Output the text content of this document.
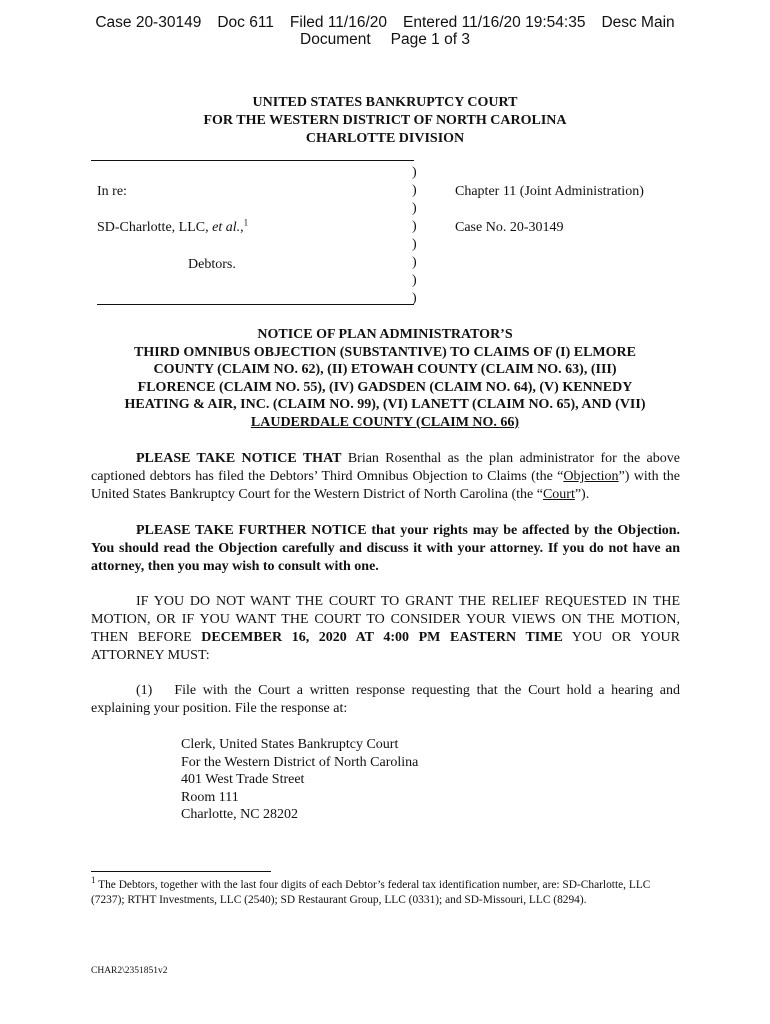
Case 20-30149 Doc 611 Filed 11/16/20 Entered 11/16/20 19:54:35 Desc Main
Document Page 1 of 3
UNITED STATES BANKRUPTCY COURT
FOR THE WESTERN DISTRICT OF NORTH CAROLINA
CHARLOTTE DIVISION
)
)
)
)
)
)
)
)
In re:
SD-Charlotte, LLC, et al.,$^1$
Debtors.
Chapter 11 (Joint Administration)
Case No. 20-30149
NOTICE OF PLAN ADMINISTRATOR’S
THIRD OMNIBUS OBJECTION (SUBSTANTIVE) TO CLAIMS OF (I) ELMORE
COUNTY (CLAIM NO. 62), (II) ETOWAH COUNTY (CLAIM NO. 63), (III)
FLORENCE (CLAIM NO. 55), (IV) GADSDEN (CLAIM NO. 64), (V) KENNEDY
HEATING & AIR, INC. (CLAIM NO. 99), (VI) LANETT (CLAIM NO. 65), AND (VII)
LAUDERDALE COUNTY (CLAIM NO. 66)
PLEASE TAKE NOTICE THAT Brian Rosenthal as the plan administrator for the above captioned debtors has filed the Debtors’ Third Omnibus Objection to Claims (the “Objection”) with the United States Bankruptcy Court for the Western District of North Carolina (the “Court”).
PLEASE TAKE FURTHER NOTICE that your rights may be affected by the Objection. You should read the Objection carefully and discuss it with your attorney. If you do not have an attorney, then you may wish to consult with one.
IF YOU DO NOT WANT THE COURT TO GRANT THE RELIEF REQUESTED IN THE MOTION, OR IF YOU WANT THE COURT TO CONSIDER YOUR VIEWS ON THE MOTION, THEN BEFORE DECEMBER 16, 2020 AT 4:00 PM EASTERN TIME YOU OR YOUR ATTORNEY MUST:
(1) File with the Court a written response requesting that the Court hold a hearing and explaining your position. File the response at:
Clerk, United States Bankruptcy Court
For the Western District of North Carolina
401 West Trade Street
Room 111
Charlotte, NC 28202
$^1$ The Debtors, together with the last four digits of each Debtor’s federal tax identification number, are: SD-Charlotte, LLC (7237); RTHT Investments, LLC (2540); SD Restaurant Group, LLC (0331); and SD-Missouri, LLC (8294).
CHAR2\2351851v2
